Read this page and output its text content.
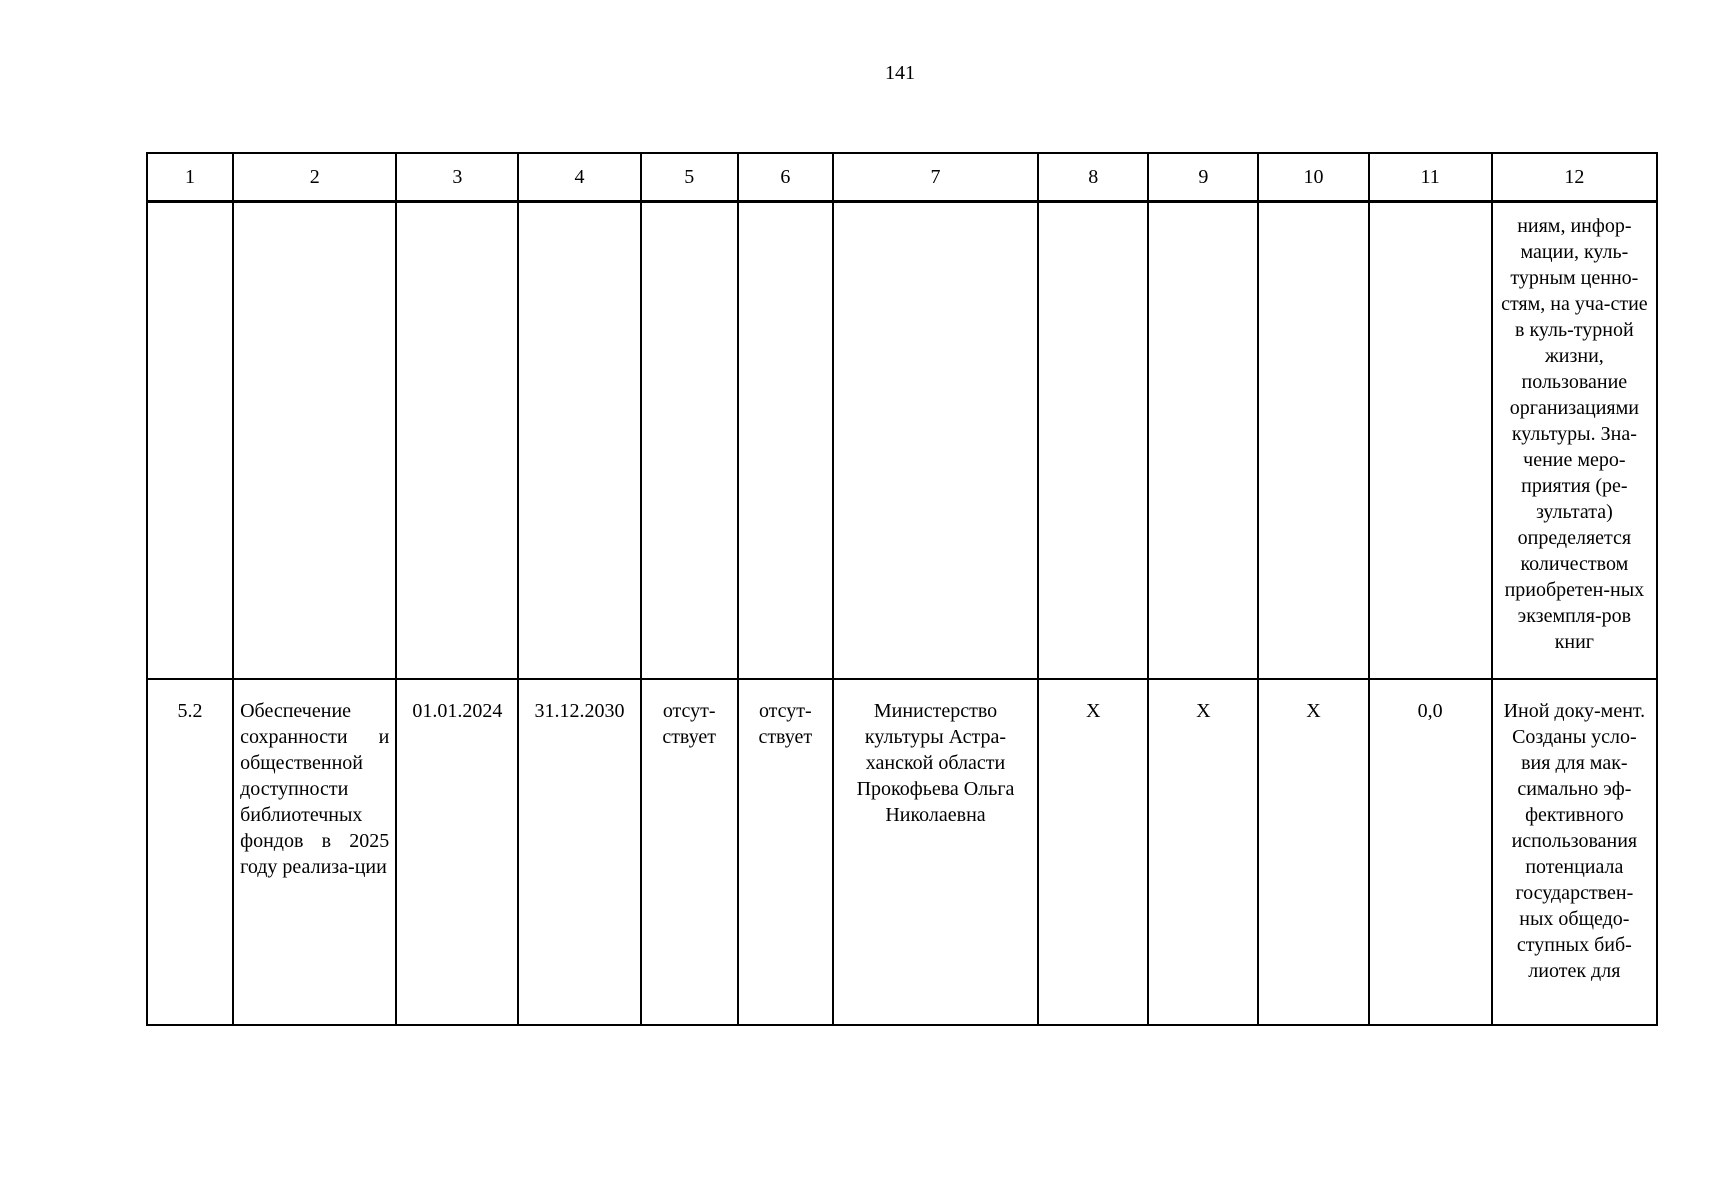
141
1	2	3	4	5	6	7	8	9	10	11	12
											ниям, инфор-мации, куль-турным ценно-стям, на уча-стие в куль-турной жизни, пользование организациями культуры. Зна-чение меро-приятия (ре-зультата) определяется количеством приобретен-ных экземпля-ров книг
5.2	Обеспечение сохранности и общественной доступности библиотечных фондов в 2025 году реализа-ции	01.01.2024	31.12.2030	отсут-ствует	отсут-ствует	Министерство культуры Астра-ханской области Прокофьева Ольга Николаевна	X	X	X	0,0	Иной доку-мент. Созданы усло-вия для мак-симально эф-фективного использования потенциала государствен-ных общедо-ступных биб-лиотек для
